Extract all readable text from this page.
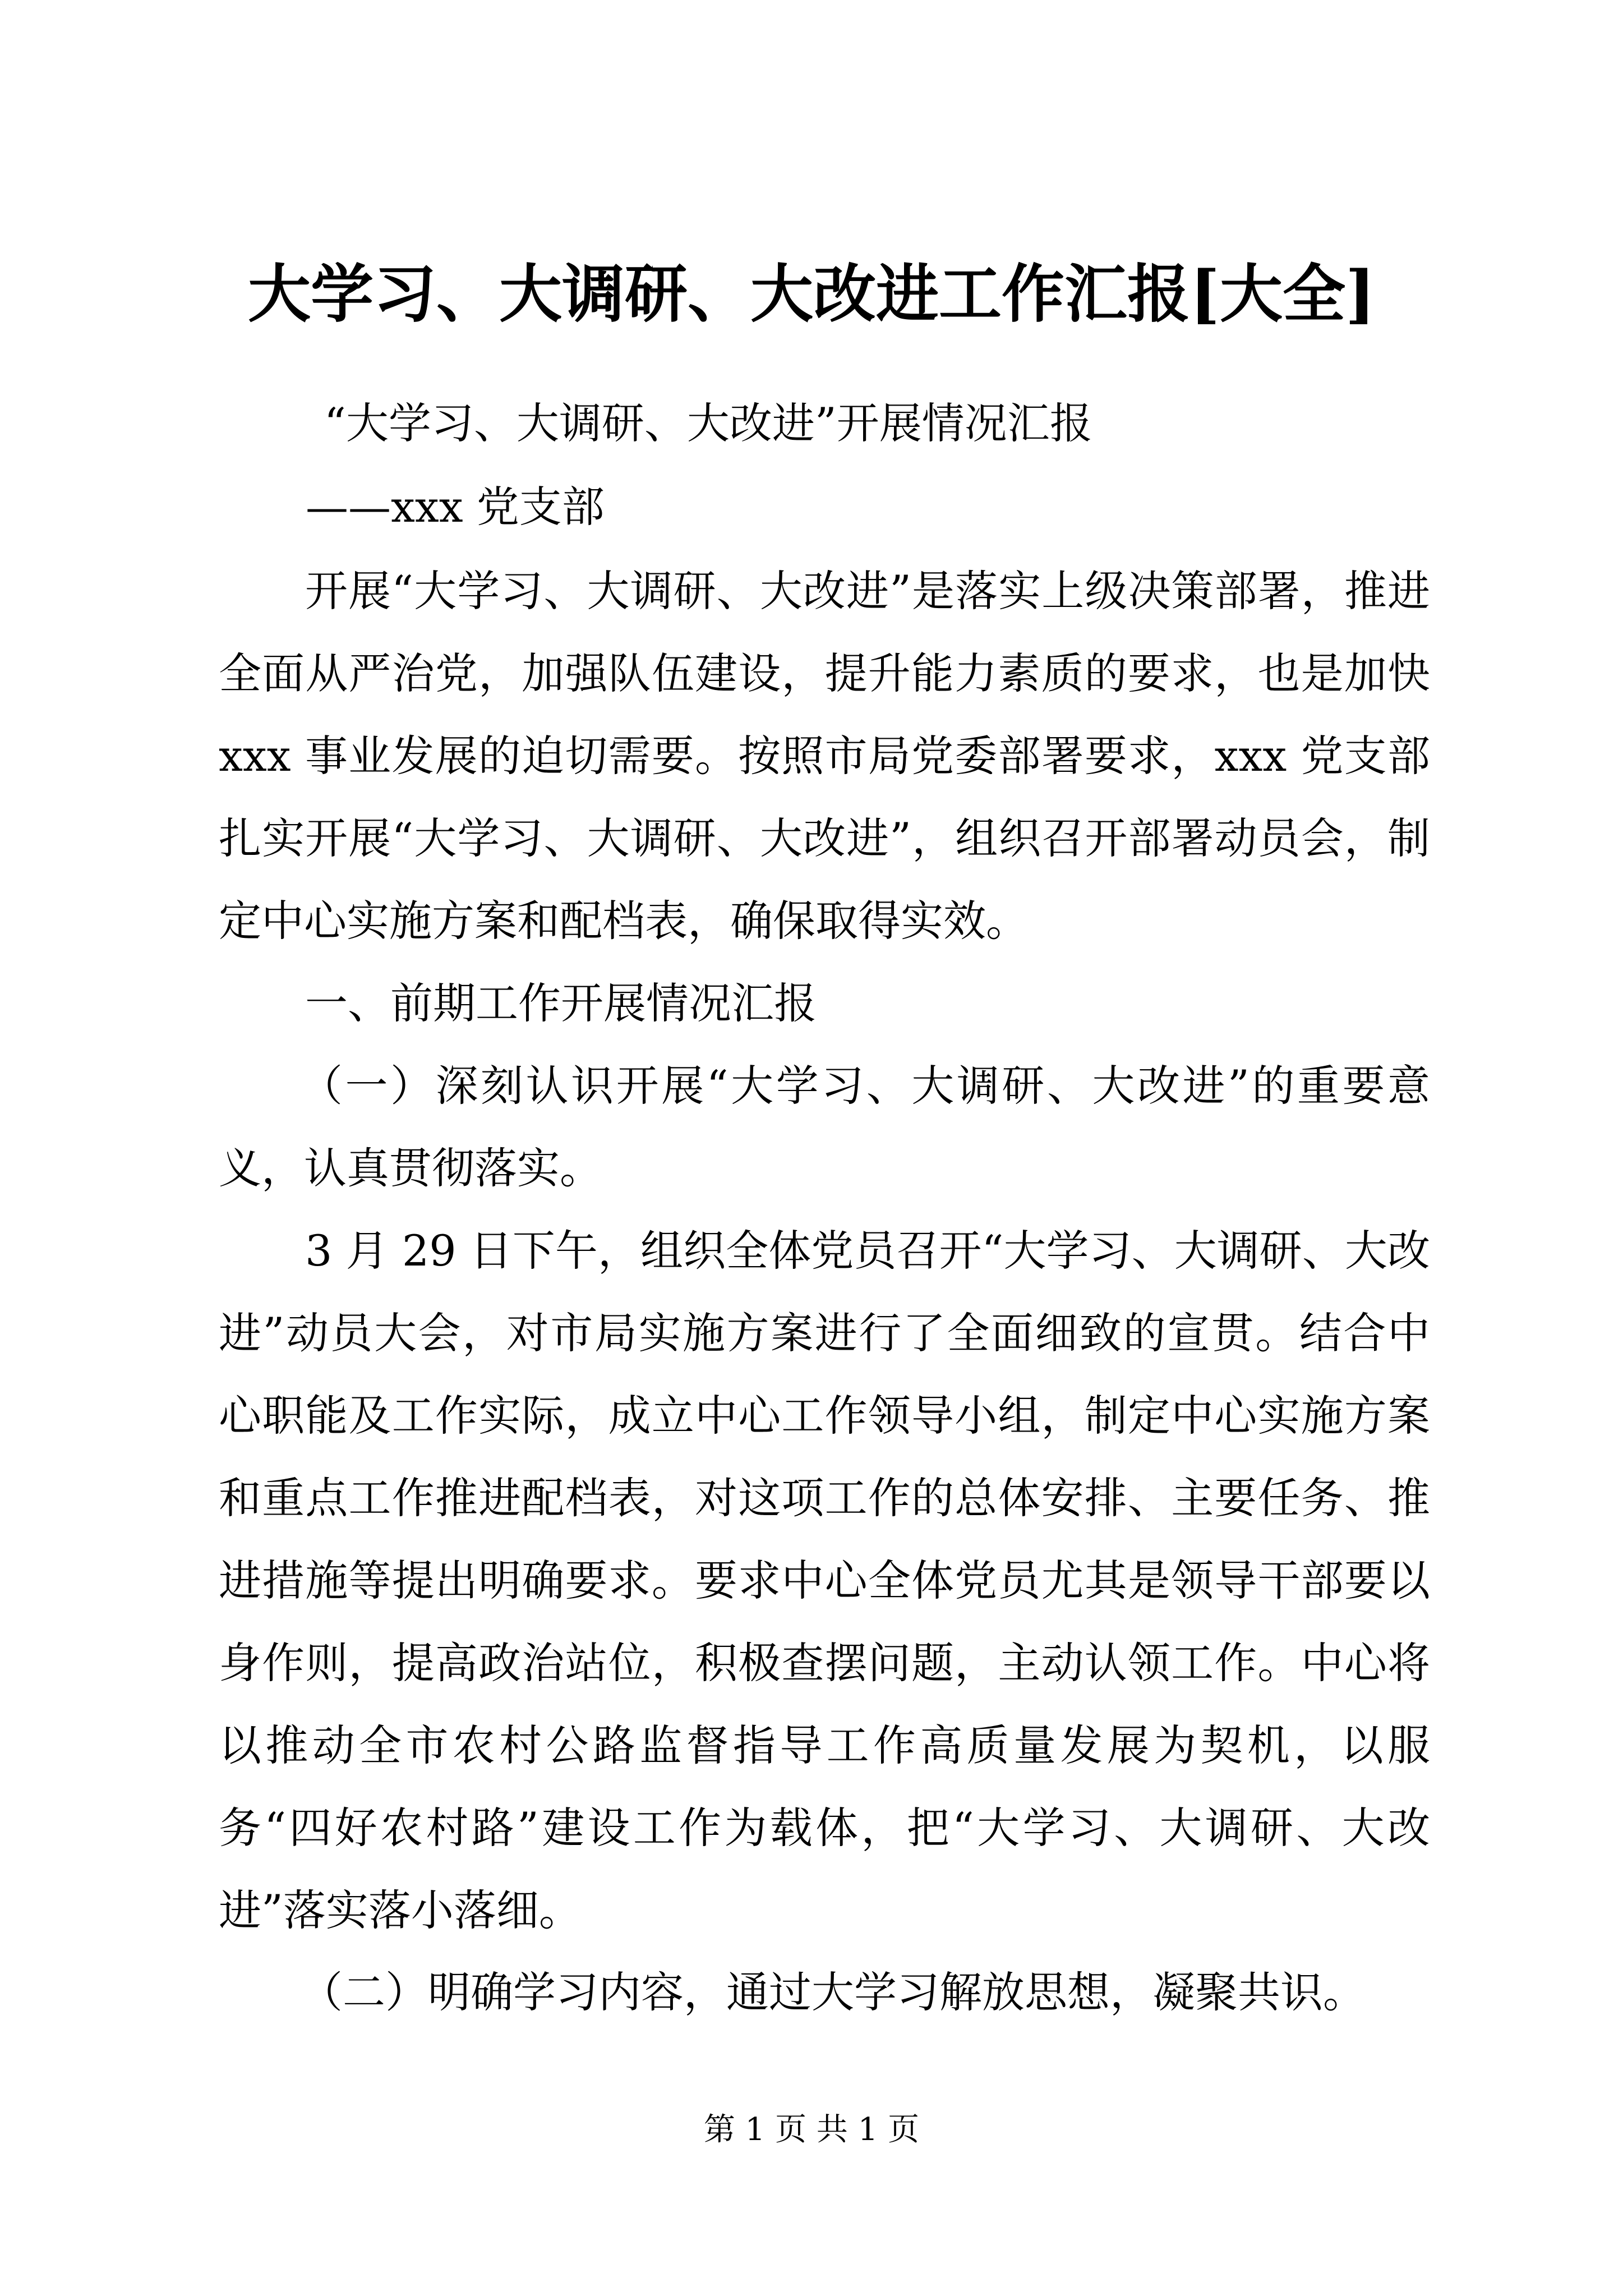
大学习、大调研、大改进工作汇报[大全]
“大学习、大调研、大改进”开展情况汇报
——xxx 党支部
开展“大学习、大调研、大改进”是落实上级决策部署，推进全面从严治党，加强队伍建设，提升能力素质的要求，也是加快 xxx 事业发展的迫切需要。按照市局党委部署要求，xxx 党支部扎实开展“大学习、大调研、大改进”，组织召开部署动员会，制定中心实施方案和配档表，确保取得实效。
一、前期工作开展情况汇报
（一）深刻认识开展“大学习、大调研、大改进”的重要意义，认真贯彻落实。
3 月 29 日下午，组织全体党员召开“大学习、大调研、大改进”动员大会，对市局实施方案进行了全面细致的宣贯。结合中心职能及工作实际，成立中心工作领导小组，制定中心实施方案和重点工作推进配档表，对这项工作的总体安排、主要任务、推进措施等提出明确要求。要求中心全体党员尤其是领导干部要以身作则，提高政治站位，积极查摆问题，主动认领工作。中心将以推动全市农村公路监督指导工作高质量发展为契机，以服务“四好农村路”建设工作为载体，把“大学习、大调研、大改进”落实落小落细。
（二）明确学习内容，通过大学习解放思想，凝聚共识。
第 1 页 共 1 页
